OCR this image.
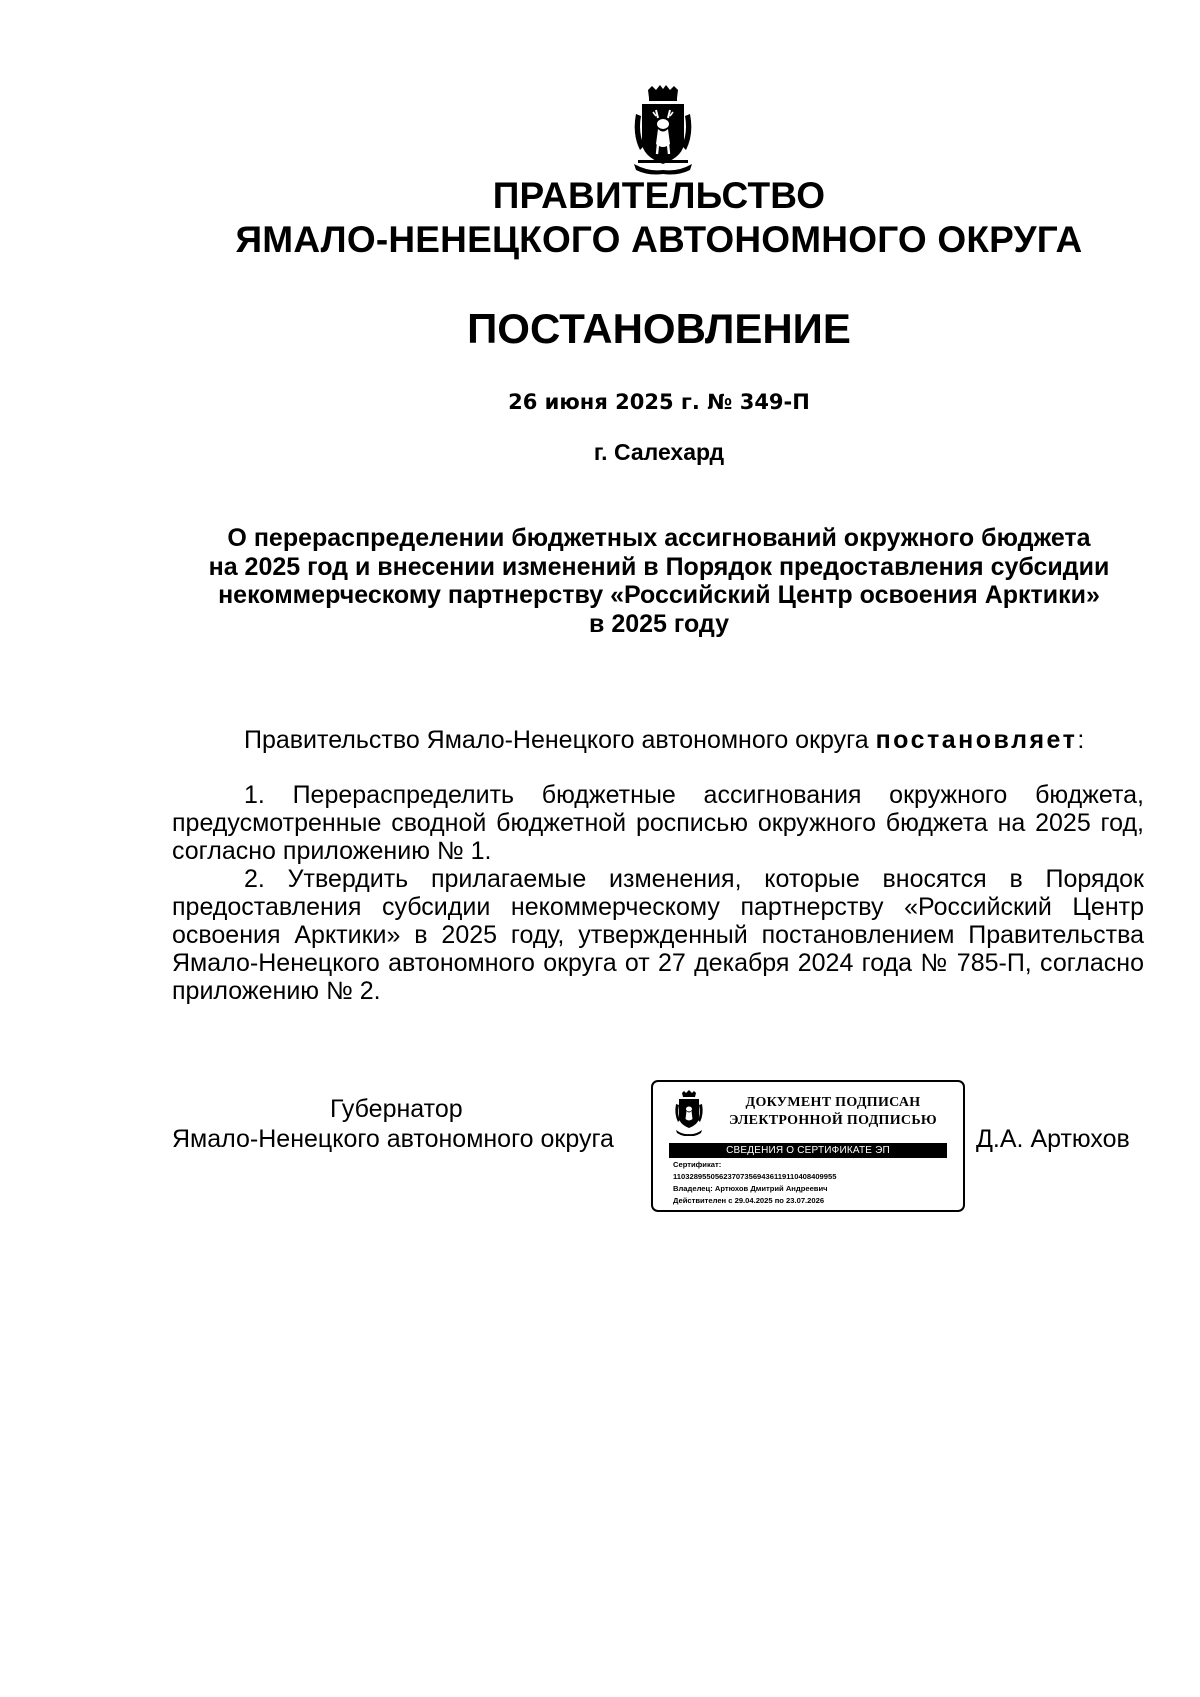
ПРАВИТЕЛЬСТВО
ЯМАЛО-НЕНЕЦКОГО АВТОНОМНОГО ОКРУГА
ПОСТАНОВЛЕНИЕ
26 июня 2025 г. № 349-П
г. Салехард
О перераспределении бюджетных ассигнований окружного бюджета
на 2025 год и внесении изменений в Порядок предоставления субсидии
некоммерческому партнерству «Российский Центр освоения Арктики»
в 2025 году
Правительство Ямало-Ненецкого автономного округа постановляет:

1. Перераспределить бюджетные ассигнования окружного бюджета, предусмотренные сводной бюджетной росписью окружного бюджета на 2025 год, согласно приложению № 1.

2. Утвердить прилагаемые изменения, которые вносятся в Порядок предоставления субсидии некоммерческому партнерству «Российский Центр освоения Арктики» в 2025 году, утвержденный постановлением Правительства Ямало-Ненецкого автономного округа от 27 декабря 2024 года № 785-П, согласно приложению № 2.

Губернатор
Ямало-Ненецкого автономного округа
ДОКУМЕНТ ПОДПИСАН
ЭЛЕКТРОННОЙ ПОДПИСЬЮ
СВЕДЕНИЯ О СЕРТИФИКАТЕ ЭП
Сертификат:
110328955056237073569436119110408409955
Владелец: Артюхов Дмитрий Андреевич
Действителен с 29.04.2025 по 23.07.2026
Д.А. Артюхов
